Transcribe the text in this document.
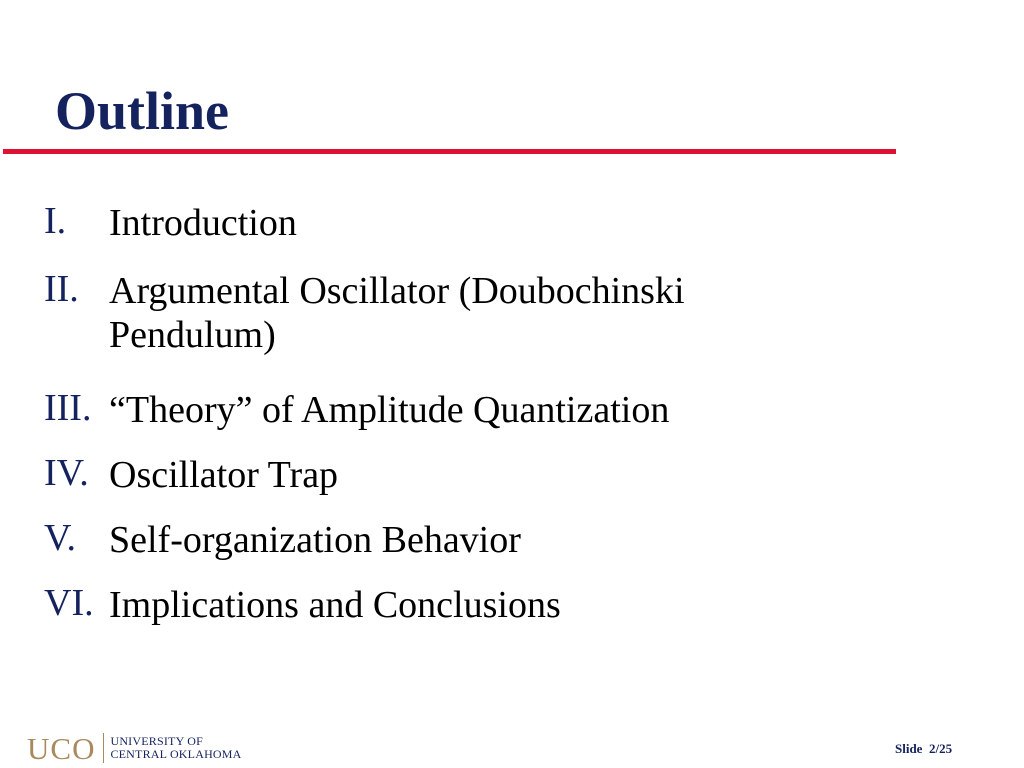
Outline
I. Introduction
II. Argumental Oscillator (Doubochinski Pendulum)
III. “Theory” of Amplitude Quantization
IV. Oscillator Trap
V. Self-organization Behavior
VI. Implications and Conclusions
UCO UNIVERSITY OF
CENTRAL OKLAHOMA	Slide 2/25
